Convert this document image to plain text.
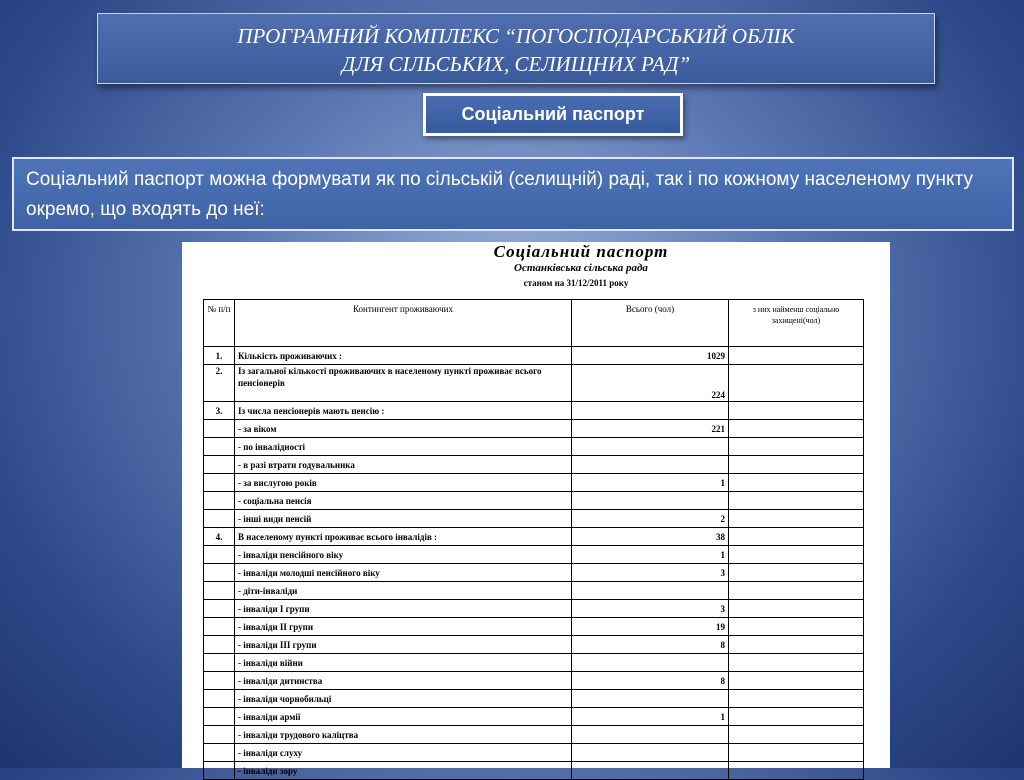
ПРОГРАМНИЙ КОМПЛЕКС “ПОГОСПОДАРСЬКИЙ ОБЛІК
ДЛЯ СІЛЬСЬКИХ, СЕЛИЩНИХ РАД”
Соціальний паспорт
Соціальний паспорт можна формувати як по сільській (селищній) раді, так і по кожному населеному пункту окремо, що входять до неї:
Соціальний паспорт
Останківська сільська рада
станом на 31/12/2011 року
№ п/п	Контингент проживаючих	Всього (чол)	з них найменш соціально захищені(чол)
1.	Кількість проживаючих :	1029	
2.	Із загальної кількості проживаючих в населеному пункті проживає всього пенсіонерів	224	
3.	Із числа пенсіонерів мають пенсію :		
	- за віком	221	
	- по інвалідності		
	- в разі втрати годувальника		
	- за вислугою років	1	
	- соціальна пенсія		
	- інші види пенсій	2	
4.	В населеному пункті проживає всього інвалідів :	38	
	- інваліди пенсійного віку	1	
	- інваліди молодші пенсійного віку	3	
	- діти-інваліди		
	- інваліди І групи	3	
	- інваліди ІІ групи	19	
	- інваліди ІІІ групи	8	
	- інваліди війни		
	- інваліди дитинства	8	
	- інваліди чорнобильці		
	- інваліди армії	1	
	- інваліди трудового каліцтва		
	- інваліди слуху		
	- інваліди зору		
